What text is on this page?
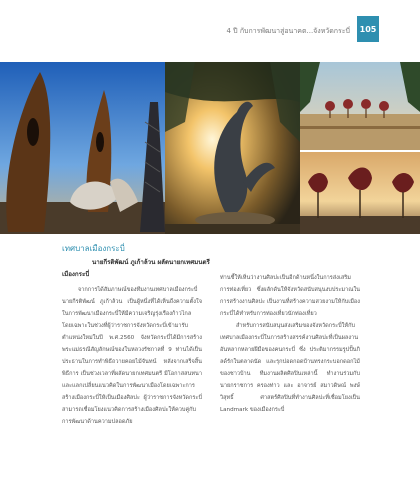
4 ปี กับการพัฒนาสู่อนาคต...จังหวัดกระบี่	105
เทศบาลเมืองกระบี่
นายกีรติพัฒน์ ภูเก้าล้วน ผลัดนายกเทศมนตรี
เมืองกระบี่

จากการได้สัมภาษณ์ของทีมงานเทศบาลเมืองกระบี่นายกีรติพัฒน์ ภูเก้าล้วน เป็นผู้หนึ่งที่ได้เห็นถึงความตั้งใจในการพัฒนาเมืองกระบี่ให้มีความเจริญรุ่งเรืองก้าวไกล โดยเฉพาะในช่วงที่ผู้ว่าราชการจังหวัดกระบี่เข้ามารับตำแหน่งใหม่ในปี พ.ศ.2560 จังหวัดกระบี่ได้มีการสร้างพระแม่ธรณีสัญลักษณ์ของในหลวงรัชกาลที่ 9 ท่านได้เป็นประธานในการทำพิธีถวายคอยไม้จันทน์ หลังจากเสร็จสิ้นพิธีการ เป็นช่วงเวลาที่ผลัดนายกเทศมนตรี มีโอกาสสนทนาและแลกเปลี่ยนแนวคิดในการพัฒนาเมืองโดยเฉพาะการสร้างเมืองกระบี่ให้เป็นเมืองศิลปะ ผู้ว่าราชการจังหวัดกระบี่สามารถเชื่อมโยงแนวคิดการสร้างเมืองศิลปะให้ควบคู่กับการพัฒนาด้านความปลอดภัย

ท่านชี้ให้เห็นว่างานศิลปะเป็นอีกด้านหนึ่งในการส่งเสริมการท่องเที่ยว ซึ่งผลักดันให้จังหวัดสนับสนุนงบประมาณในการสร้างงานศิลปะ เป็นงานที่สร้างความสวยงามให้กับเมืองกระบี่ได้ทำหรับการท่องเที่ยวนักท่องเที่ยว

สำหรับการสนับสนุนส่งเสริมของจังหวัดกระบี่ให้กับเทศบาลเมืองกระบี่ในการสร้างสรรค์งานศิลปะที่เป็นผลงานอันหลากหลายฝีมือของคนกระบี่ ซึ่ง ประติมากรรมรูปปั้นกิลด์รักในตลาดนัด และรุกปอดกอดบ้านทรงกระบอกดอกไม้ของชาวบ้าน ทีมงานผลิตศิลปินเหล่านี้ ทำงานร่วมกับ นายกราชการ ครองท่าว และ อาจารย์ สมาวดิษณ์ พงษ์วิสุทธิ์ ศาสตร์ศิลปินที่ทำงานศิลปะที่เชื่อมโยงเป็น Landmark ของเมืองกระบี่
